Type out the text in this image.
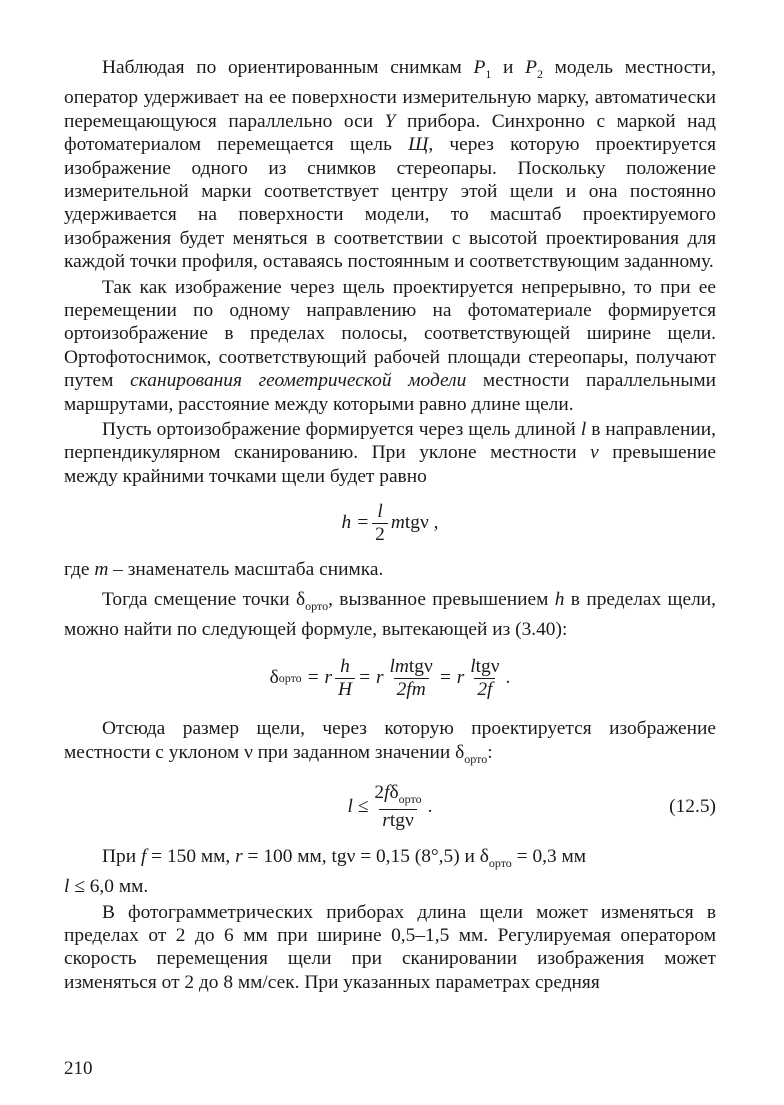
Наблюдая по ориентированным снимкам $P_1$ и $P_2$ модель местности, оператор удерживает на ее поверхности измерительную марку, автоматически перемещающуюся параллельно оси Y прибора. Синхронно с маркой над фотоматериалом перемещается щель Щ, через которую проектируется изображение одного из снимков стереопары. Поскольку положение измерительной марки соответствует центру этой щели и она постоянно удерживается на поверхности модели, то масштаб проектируемого изображения будет меняться в соответствии с высотой проектирования для каждой точки профиля, оставаясь постоянным и соответствующим заданному.

Так как изображение через щель проектируется непрерывно, то при ее перемещении по одному направлению на фотоматериале формируется ортоизображение в пределах полосы, соответствующей ширине щели. Ортофотоснимок, соответствующий рабочей площади стереопары, получают путем сканирования геометрической модели местности параллельными маршрутами, расстояние между которыми равно длине щели.

Пусть ортоизображение формируется через щель длиной l в направлении, перпендикулярном сканированию. При уклоне местности ν превышение между крайними точками щели будет равно

$h = \frac{l}{2}$ m tg ν ,

где m – знаменатель масштаба снимка.

Тогда смещение точки $\delta_{орто}$, вызванное превышением h в пределах щели, можно найти по следующей формуле, вытекающей из (3.40):

δ орто
= r $\frac{h}{H} = r \frac{\text{lmtgν}}{2fm} = r \frac{\text{ltgν}}{2f}$ .

Отсюда размер щели, через которую проектируется изображение местности с уклоном ν при заданном значении $\delta_{орто}$:

$l \le \frac{2f\delta_{орто}}{\text{rtgν}}$ .	(12.5)

При f = 150 мм, r = 100 мм, tgν = 0,15 (8°,5) и $\delta_{орто} = 0,3$ мм

l ≤ 6,0 мм.

В фотограмметрических приборах длина щели может изменяться в пределах от 2 до 6 мм при ширине 0,5–1,5 мм. Регулируемая оператором скорость перемещения щели при сканировании изображения может изменяться от 2 до 8 мм/сек. При указанных параметрах средняя

210
